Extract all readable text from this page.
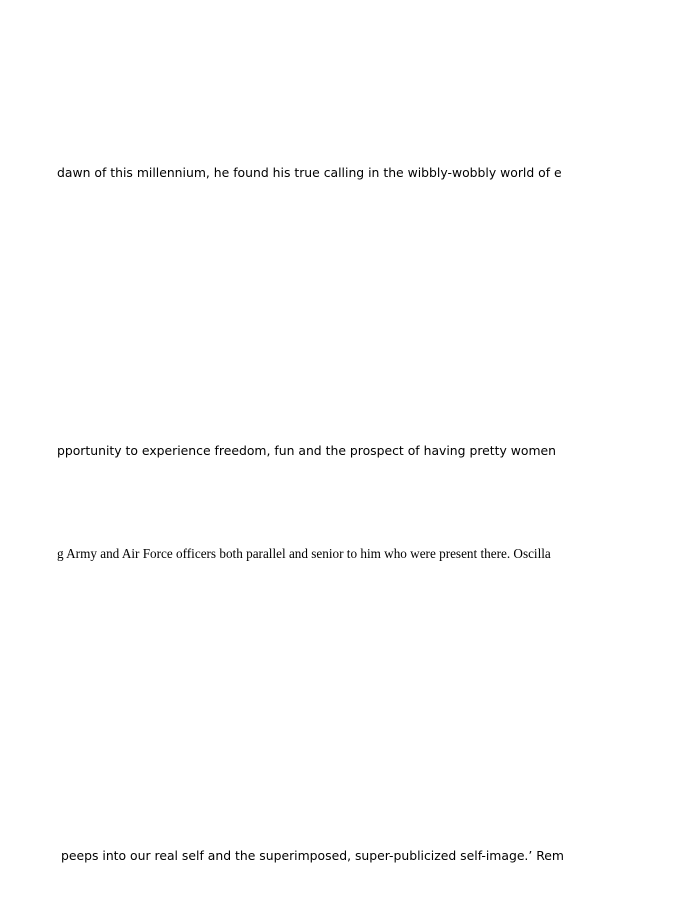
dawn of this millennium, he found his true calling in the wibbly-wobbly world of e
pportunity to experience freedom, fun and the prospect of having pretty women
g Army and Air Force officers both parallel and senior to him who were present there. Oscilla
peeps into our real self and the superimposed, super-publicized self-image.’ Rem
